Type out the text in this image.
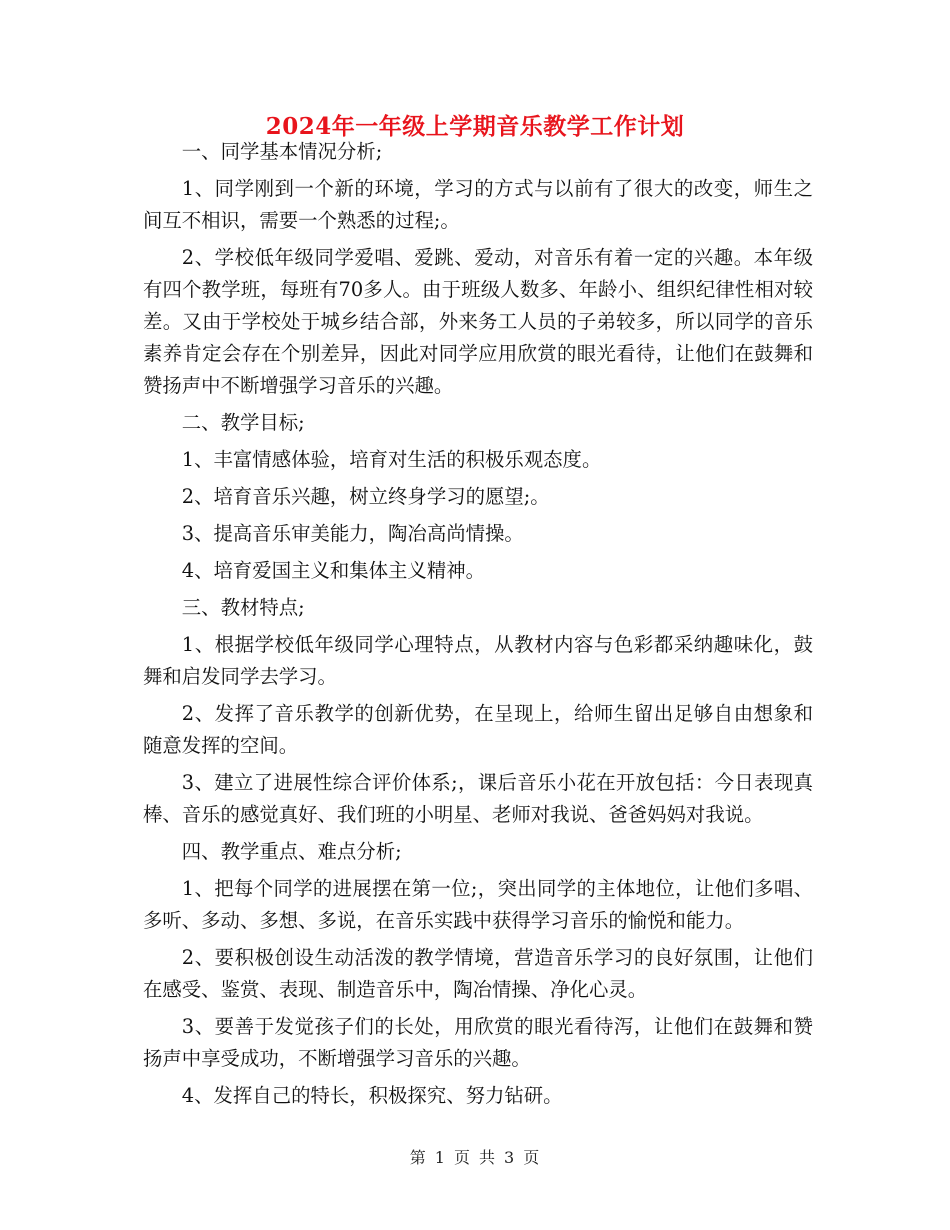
2024年一年级上学期音乐教学工作计划

一、同学基本情况分析;

1、同学刚到一个新的环境，学习的方式与以前有了很大的改变，师生之间互不相识，需要一个熟悉的过程;。

2、学校低年级同学爱唱、爱跳、爱动，对音乐有着一定的兴趣。本年级有四个教学班，每班有70多人。由于班级人数多、年龄小、组织纪律性相对较差。又由于学校处于城乡结合部，外来务工人员的子弟较多，所以同学的音乐素养肯定会存在个别差异，因此对同学应用欣赏的眼光看待，让他们在鼓舞和赞扬声中不断增强学习音乐的兴趣。

二、教学目标;

1、丰富情感体验，培育对生活的积极乐观态度。

2、培育音乐兴趣，树立终身学习的愿望;。

3、提高音乐审美能力，陶冶高尚情操。

4、培育爱国主义和集体主义精神。

三、教材特点;

1、根据学校低年级同学心理特点，从教材内容与色彩都采纳趣味化，鼓舞和启发同学去学习。

2、发挥了音乐教学的创新优势，在呈现上，给师生留出足够自由想象和随意发挥的空间。

3、建立了进展性综合评价体系;，课后音乐小花在开放包括：今日表现真棒、音乐的感觉真好、我们班的小明星、老师对我说、爸爸妈妈对我说。

四、教学重点、难点分析;

1、把每个同学的进展摆在第一位;，突出同学的主体地位，让他们多唱、多听、多动、多想、多说，在音乐实践中获得学习音乐的愉悦和能力。

2、要积极创设生动活泼的教学情境，营造音乐学习的良好氛围，让他们在感受、鉴赏、表现、制造音乐中，陶冶情操、净化心灵。

3、要善于发觉孩子们的长处，用欣赏的眼光看待泻，让他们在鼓舞和赞扬声中享受成功，不断增强学习音乐的兴趣。

4、发挥自己的特长，积极探究、努力钻研。

第 1 页 共 3 页
